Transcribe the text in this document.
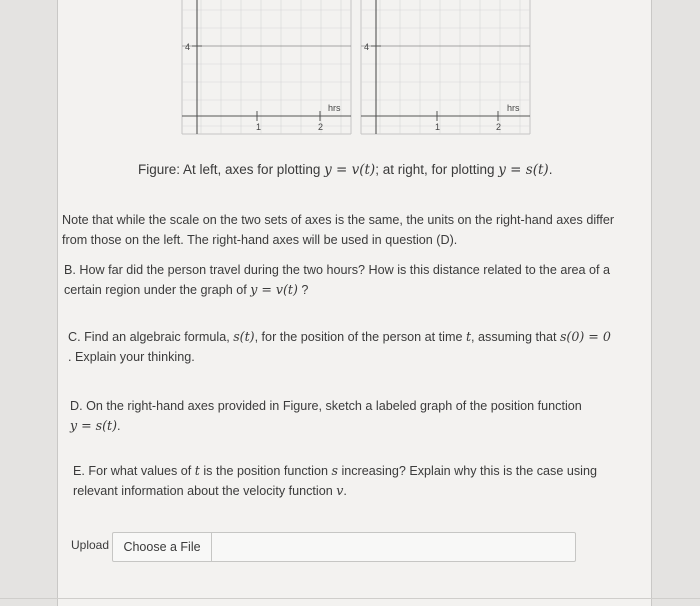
4
1	2
hrs
4
1	2
hrs
Figure: At left, axes for plotting y = v(t); at right, for plotting y = s(t).
Note that while the scale on the two sets of axes is the same, the units on the right-hand axes differ from those on the left. The right-hand axes will be used in question (D).
B. How far did the person travel during the two hours? How is this distance related to the area of a certain region under the graph of y = v(t) ?
C. Find an algebraic formula, s(t), for the position of the person at time t, assuming that s(0) = 0
. Explain your thinking.
D. On the right-hand axes provided in Figure, sketch a labeled graph of the position function
y = s(t).
E. For what values of t is the position function s increasing? Explain why this is the case using relevant information about the velocity function v.
Upload	Choose a File
